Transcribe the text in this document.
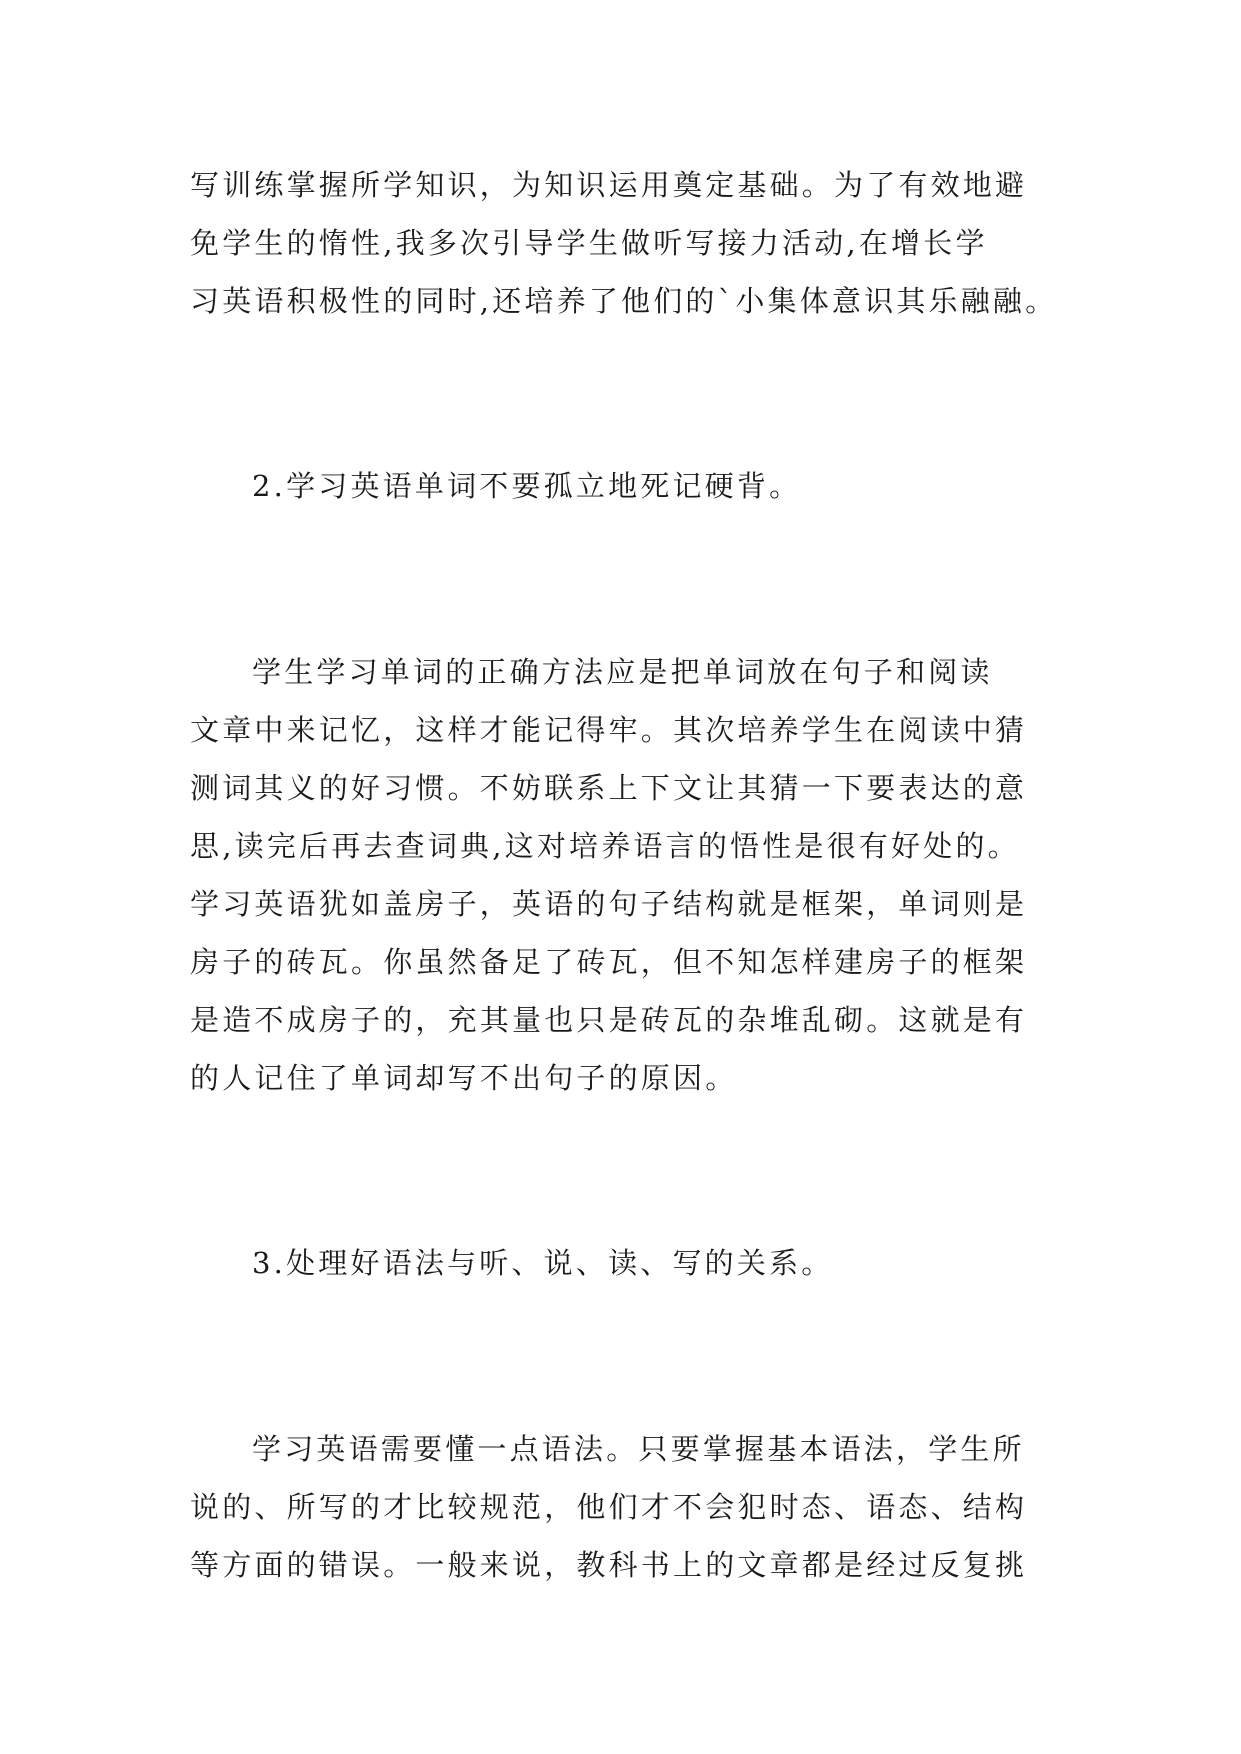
写训练掌握所学知识，为知识运用奠定基础。为了有效地避
免学生的惰性,我多次引导学生做听写接力活动,在增长学
习英语积极性的同时,还培养了他们的`小集体意识其乐融融。
2.学习英语单词不要孤立地死记硬背。
学生学习单词的正确方法应是把单词放在句子和阅读
文章中来记忆，这样才能记得牢。其次培养学生在阅读中猜
测词其义的好习惯。不妨联系上下文让其猜一下要表达的意
思,读完后再去查词典,这对培养语言的悟性是很有好处的。
学习英语犹如盖房子，英语的句子结构就是框架，单词则是
房子的砖瓦。你虽然备足了砖瓦，但不知怎样建房子的框架
是造不成房子的，充其量也只是砖瓦的杂堆乱砌。这就是有
的人记住了单词却写不出句子的原因。
3.处理好语法与听、说、读、写的关系。
学习英语需要懂一点语法。只要掌握基本语法，学生所
说的、所写的才比较规范，他们才不会犯时态、语态、结构
等方面的错误。一般来说，教科书上的文章都是经过反复挑
